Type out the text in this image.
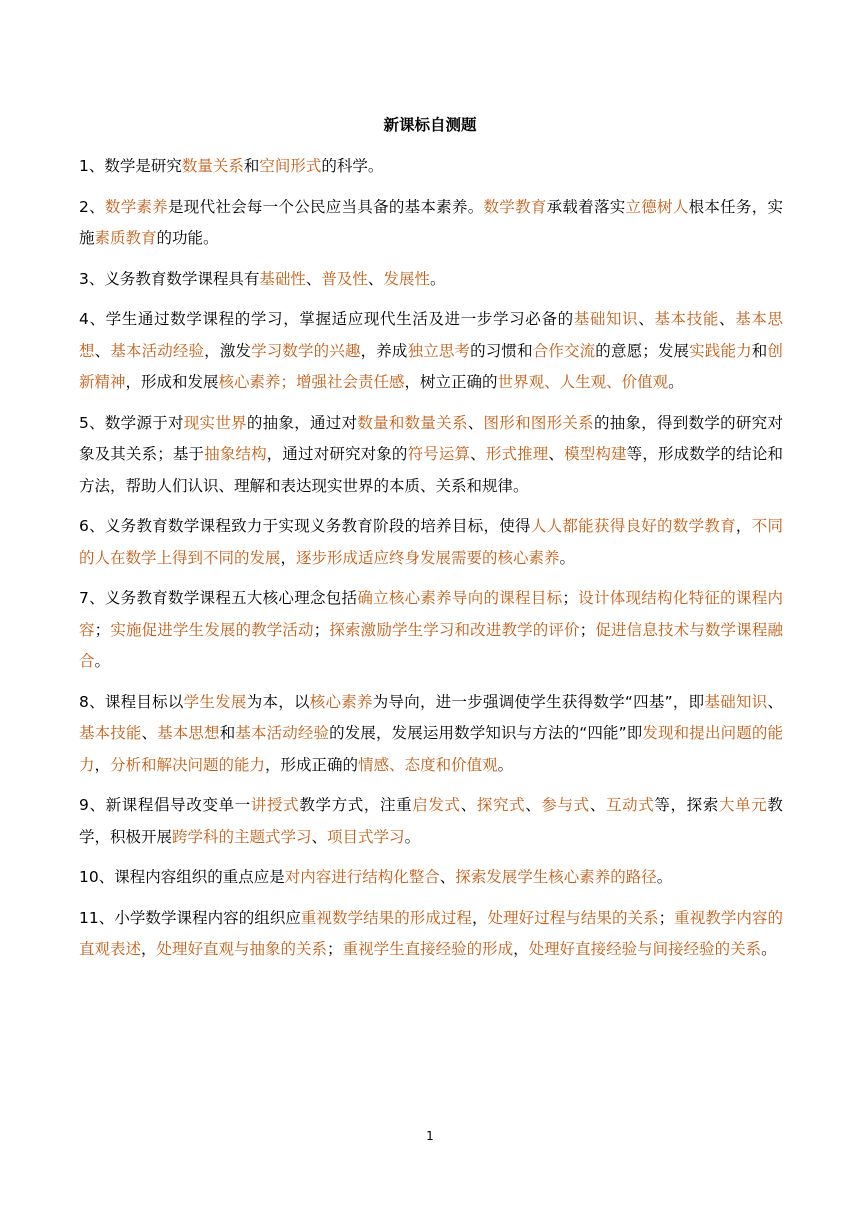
新课标自测题

1、数学是研究数量关系和空间形式的科学。

2、数学素养是现代社会每一个公民应当具备的基本素养。数学教育承载着落实立德树人根本任务，实施素质教育的功能。

3、义务教育数学课程具有基础性、普及性、发展性。

4、学生通过数学课程的学习，掌握适应现代生活及进一步学习必备的基础知识、基本技能、基本思想、基本活动经验，激发学习数学的兴趣，养成独立思考的习惯和合作交流的意愿；发展实践能力和创新精神，形成和发展核心素养；增强社会责任感，树立正确的世界观、人生观、价值观。

5、数学源于对现实世界的抽象，通过对数量和数量关系、图形和图形关系的抽象，得到数学的研究对象及其关系；基于抽象结构，通过对研究对象的符号运算、形式推理、模型构建等，形成数学的结论和方法，帮助人们认识、理解和表达现实世界的本质、关系和规律。

6、义务教育数学课程致力于实现义务教育阶段的培养目标，使得人人都能获得良好的数学教育，不同的人在数学上得到不同的发展，逐步形成适应终身发展需要的核心素养。

7、义务教育数学课程五大核心理念包括确立核心素养导向的课程目标；设计体现结构化特征的课程内容；实施促进学生发展的教学活动；探索激励学生学习和改进教学的评价；促进信息技术与数学课程融合。

8、课程目标以学生发展为本，以核心素养为导向，进一步强调使学生获得数学“四基”，即基础知识、基本技能、基本思想和基本活动经验的发展，发展运用数学知识与方法的“四能”即发现和提出问题的能力，分析和解决问题的能力，形成正确的情感、态度和价值观。

9、新课程倡导改变单一讲授式教学方式，注重启发式、探究式、参与式、互动式等，探索大单元教学，积极开展跨学科的主题式学习、项目式学习。

10、课程内容组织的重点应是对内容进行结构化整合、探索发展学生核心素养的路径。

11、小学数学课程内容的组织应重视数学结果的形成过程，处理好过程与结果的关系；重视教学内容的直观表述，处理好直观与抽象的关系；重视学生直接经验的形成，处理好直接经验与间接经验的关系。

1
